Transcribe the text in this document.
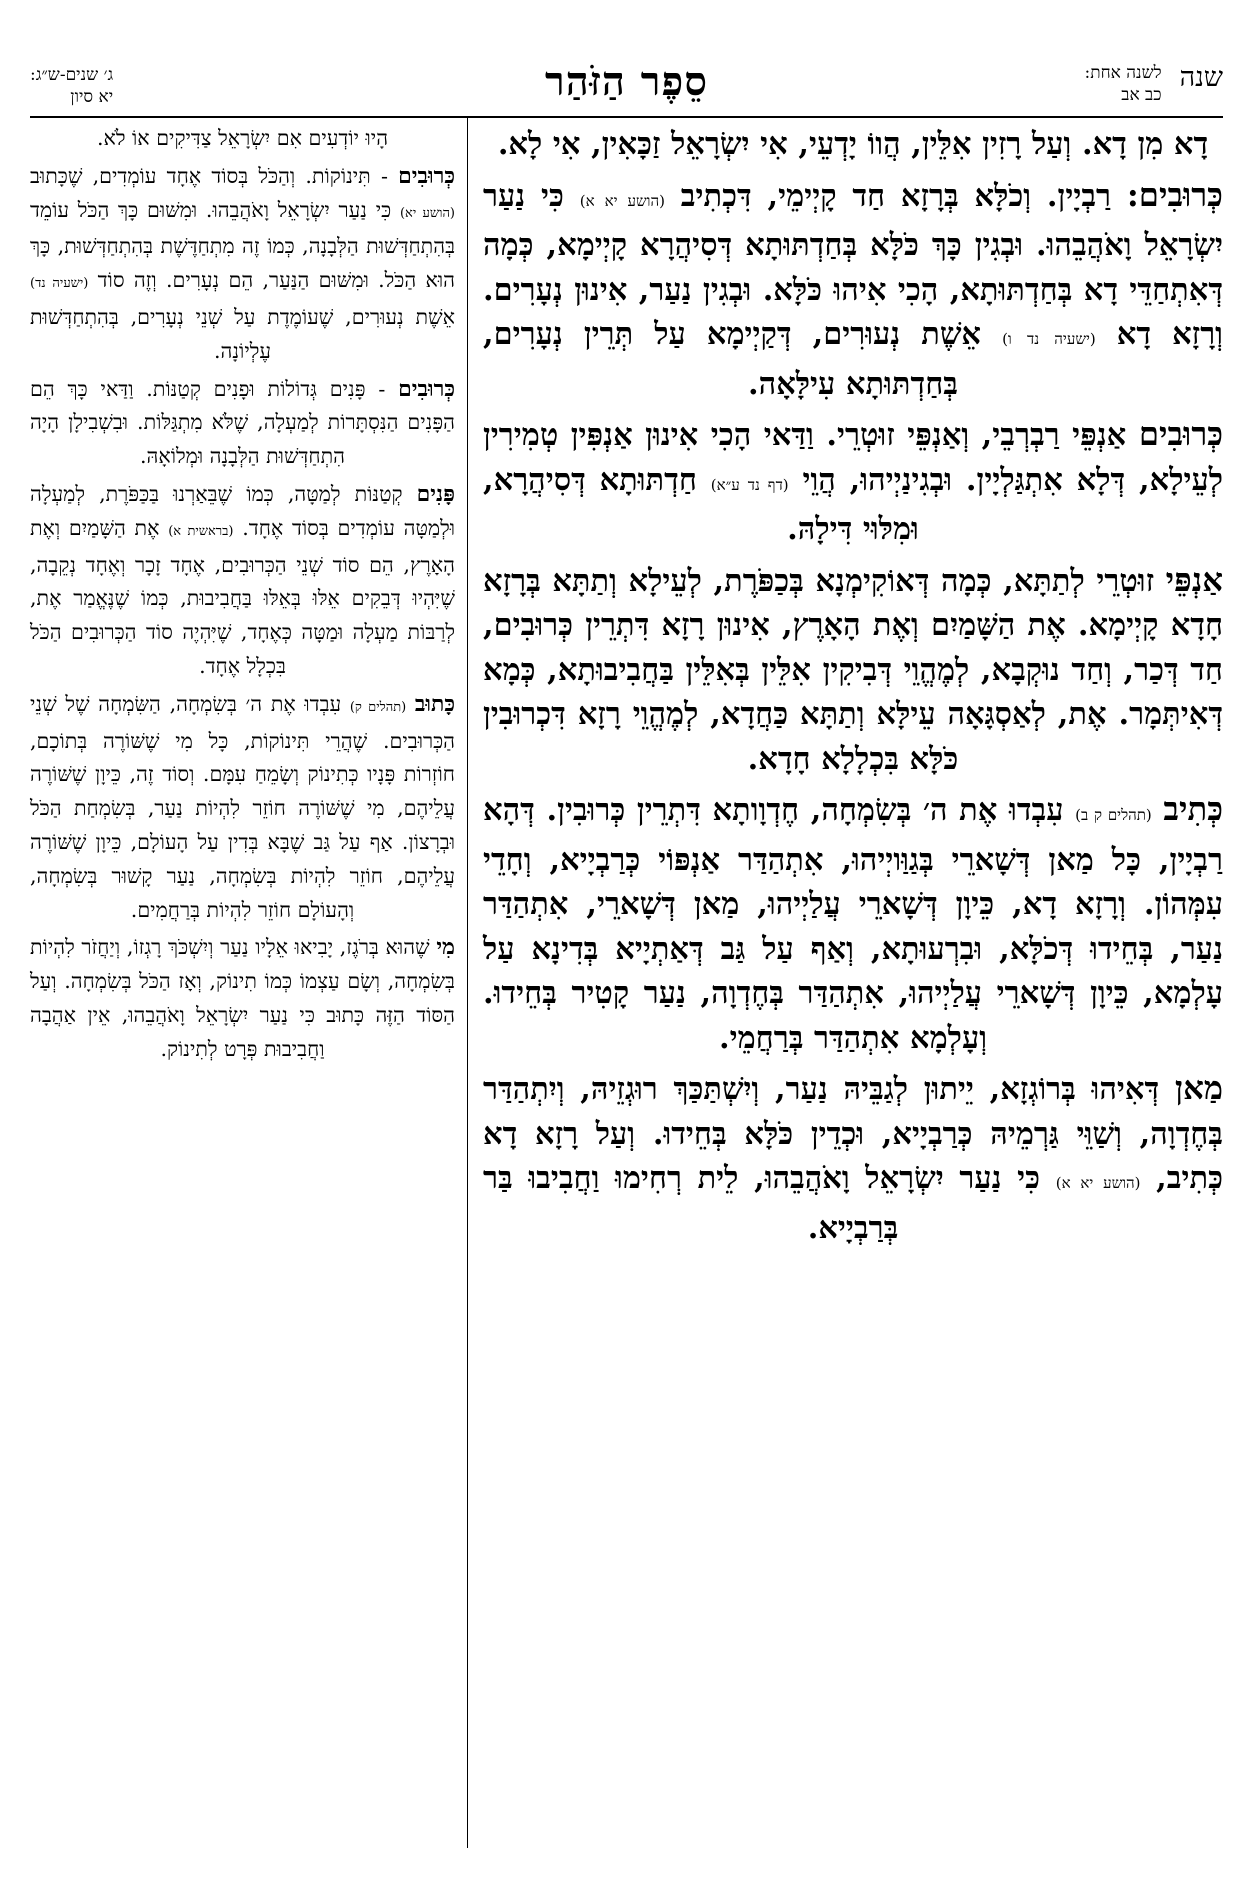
שנה
לשנה אחת:
כב אב
סֵפֶר הַזֹּהַר
ג׳ שנים-ש״ג:
יא סיון

דָא מִן דָא. וְעַל רָזִין אִלֵּין, הֲווֹ יָדְעֵי, אִי יִשְׂרָאֵל זַכָּאִין, אִי לָא.

כְּרוּבִים: רַבְיָין. וְכֹלָּא בְּרָזָא חַד קָיְימֵי, דִּכְתִיב (הושע יא א) כִּי נַעַר יִשְׂרָאֵל וָאֹהֲבֵהוּ. וּבְגִין כָּךְ כֹּלָּא בְּחַדְתּוּתָא דְּסִיהֲרָא קָיְימָא, כְּמָה דְּאִתְחַדֵּי דָא בְּחַדְתּוּתָא, הָכִי אִיהוּ כֹּלָּא. וּבְגִין נַעַר, אִינוּן נְעָרִים. וְרָזָא דָא (ישעיה נד ו) אֵשֶׁת נְעוּרִים, דְּקַיְימָא עַל תְּרֵין נְעָרִים, בְּחַדְתּוּתָא עִילָּאָה.

כְּרוּבִים אַנְפֵּי רַבְרְבֵי, וְאַנְפֵּי זוּטְרֵי. וַדַּאי הָכִי אִינוּן אַנְפִּין טְמִירִין לְעֵילָא, דְּלָא אִתְגַּלְיָין. וּבְגִינַיְיהוּ, הֲוֵי (דף נד ע״א) חַדְתּוּתָא דְּסִיהֲרָא, וּמִלּוּי דִּילָהּ.

אַנְפֵּי זוּטְרֵי לְתַתָּא, כְּמָה דְּאוֹקִימְנָא בְּכַפֹּרֶת, לְעֵילָא וְתַתָּא בְּרָזָא חָדָא קָיְימָא. אֶת הַשָּׁמַיִם וְאֶת הָאָרֶץ, אִינוּן רָזָא דִּתְרֵין כְּרוּבִים, חַד דְּכַר, וְחַד נוּקְבָא, לְמֶהֱוֵי דְּבִיקִין אִלֵּין בְּאִלֵּין בַּחֲבִיבוּתָא, כְּמָא דְּאִיתְּמָר. אֶת, לְאַסְגָּאָה עֵילָּא וְתַתָּא כַּחֲדָא, לְמֶהֱוֵי רָזָא דִּכְרוּבִין כֹּלָּא בִּכְלָלָא חָדָא.

כְּתִיב (תהלים ק ב) עִבְדוּ אֶת ה׳ בְּשִׂמְחָה, חֶדְוָותָא דִּתְרֵין כְּרוּבִין. דְּהָא רַבְיָין, כָּל מַאן דְּשָׁארֵי בְּגַוַּויְיהוּ, אִתְהַדַּר אַנְפּוֹי כְּרַבְיָיא, וְחָדֵי עִמְּהוֹן. וְרָזָא דָא, כֵּיוָן דְּשָׁארֵי עֲלַיְיהוּ, מַאן דְּשָׁארֵי, אִתְהַדַּר נַעַר, בְּחֵידוּ דְּכֹלָּא, וּבִרְעוּתָא, וְאַף עַל גַּב דְּאַתְיָיא בְּדִינָא עַל עָלְמָא, כֵּיוָן דְּשָׁארֵי עֲלַיְיהוּ, אִתְהַדַּר בְּחֶדְוָה, נַעַר קָטִיר בְּחֵידוּ. וְעָלְמָא אִתְהַדַּר בְּרַחֲמֵי.

מַאן דְּאִיהוּ בְּרוֹגְזָא, יֵיתוּן לְגַבֵּיהּ נַעַר, וְיִשְׁתַּכַּךְ רוּגְזֵיהּ, וְיִתְהַדַּר בְּחֶדְוָה, וְשַׁוֵּי גַּרְמֵיהּ כְּרַבְיָיא, וּכְדֵין כֹּלָּא בְּחֵידוּ. וְעַל רָזָא דָא כְּתִיב, (הושע יא א) כִּי נַעַר יִשְׂרָאֵל וָאֹהֲבֵהוּ, לֵית רְחִימוּ וַחֲבִיבוּ בַּר בְּרַבְיָיא.

הָיוּ יוֹדְעִים אִם יִשְׂרָאֵל צַדִּיקִים אוֹ לֹא.

כְּרוּבִים - תִּינוֹקוֹת. וְהַכֹּל בְּסוֹד אֶחָד עוֹמְדִים, שֶׁכָּתוּב (הושע יא) כִּי נַעַר יִשְׂרָאֵל וָאֹהֲבֵהוּ. וּמִשּׁוּם כָּךְ הַכֹּל עוֹמֵד בְּהִתְחַדְּשׁוּת הַלְּבָנָה, כְּמוֹ זֶה מִתְחַדֶּשֶׁת בְּהִתְחַדְּשׁוּת, כָּךְ הוּא הַכֹּל. וּמִשּׁוּם הַנַּעַר, הֵם נְעָרִים. וְזֶה סוֹד (ישעיה נד) אֵשֶׁת נְעוּרִים, שֶׁעוֹמֶדֶת עַל שְׁנֵי נְעָרִים, בְּהִתְחַדְּשׁוּת עֶלְיוֹנָה.

כְּרוּבִים - פָּנִים גְּדוֹלוֹת וּפָנִים קְטַנּוֹת. וַדַּאי כָּךְ הֵם הַפָּנִים הַנִּסְתָּרוֹת לְמַעְלָה, שֶׁלֹּא מִתְגַּלּוֹת. וּבִשְׁבִילָן הָיָה הִתְחַדְּשׁוּת הַלְּבָנָה וּמְלוֹאָהּ.

פָּנִים קְטַנּוֹת לְמַטָּה, כְּמוֹ שֶׁבֵּאַרְנוּ בַּכַּפֹּרֶת, לְמַעְלָה וּלְמַטָּה עוֹמְדִים בְּסוֹד אֶחָד. (בראשית א) אֶת הַשָּׁמַיִם וְאֶת הָאָרֶץ, הֵם סוֹד שְׁנֵי הַכְּרוּבִים, אֶחָד זָכָר וְאֶחָד נְקֵבָה, שֶׁיִּהְיוּ דְּבֵקִים אֵלּוּ בְּאֵלּוּ בַּחֲבִיבוּת, כְּמוֹ שֶׁנֶּאֱמַר אֶת, לְרַבּוֹת מַעְלָה וּמַטָּה כְּאֶחָד, שֶׁיִּהְיֶה סוֹד הַכְּרוּבִים הַכֹּל בִּכְלָל אֶחָד.

כָּתוּב (תהלים ק) עִבְדוּ אֶת ה׳ בְּשִׂמְחָה, הַשִּׂמְחָה שֶׁל שְׁנֵי הַכְּרוּבִים. שֶׁהֲרֵי תִּינוֹקוֹת, כָּל מִי שֶׁשּׁוֹרֶה בְּתוֹכָם, חוֹזְרוֹת פָּנָיו כְּתִינוֹק וְשָׂמֵחַ עִמָּם. וְסוֹד זֶה, כֵּיוָן שֶׁשּׁוֹרֶה עֲלֵיהֶם, מִי שֶׁשּׁוֹרֶה חוֹזֵר לִהְיוֹת נַעַר, בְּשִׂמְחַת הַכֹּל וּבְרָצוֹן. אַף עַל גַּב שֶׁבָּא בְּדִין עַל הָעוֹלָם, כֵּיוָן שֶׁשּׁוֹרֶה עֲלֵיהֶם, חוֹזֵר לִהְיוֹת בְּשִׂמְחָה, נַעַר קָשׁוּר בְּשִׂמְחָה, וְהָעוֹלָם חוֹזֵר לִהְיוֹת בְּרַחֲמִים.

מִי שֶׁהוּא בְּרֹגֶז, יָבִיאוּ אֵלָיו נַעַר וְיִשְׁכֹּךְ רָגְזוֹ, וְיַחֲזֹר לִהְיוֹת בְּשִׂמְחָה, וְשָׂם עַצְמוֹ כְּמוֹ תִינוֹק, וְאָז הַכֹּל בְּשִׂמְחָה. וְעַל הַסּוֹד הַזֶּה כָּתוּב כִּי נַעַר יִשְׂרָאֵל וָאֹהֲבֵהוּ, אֵין אַהֲבָה וַחֲבִיבוּת פְּרָט לְתִינוֹק.
